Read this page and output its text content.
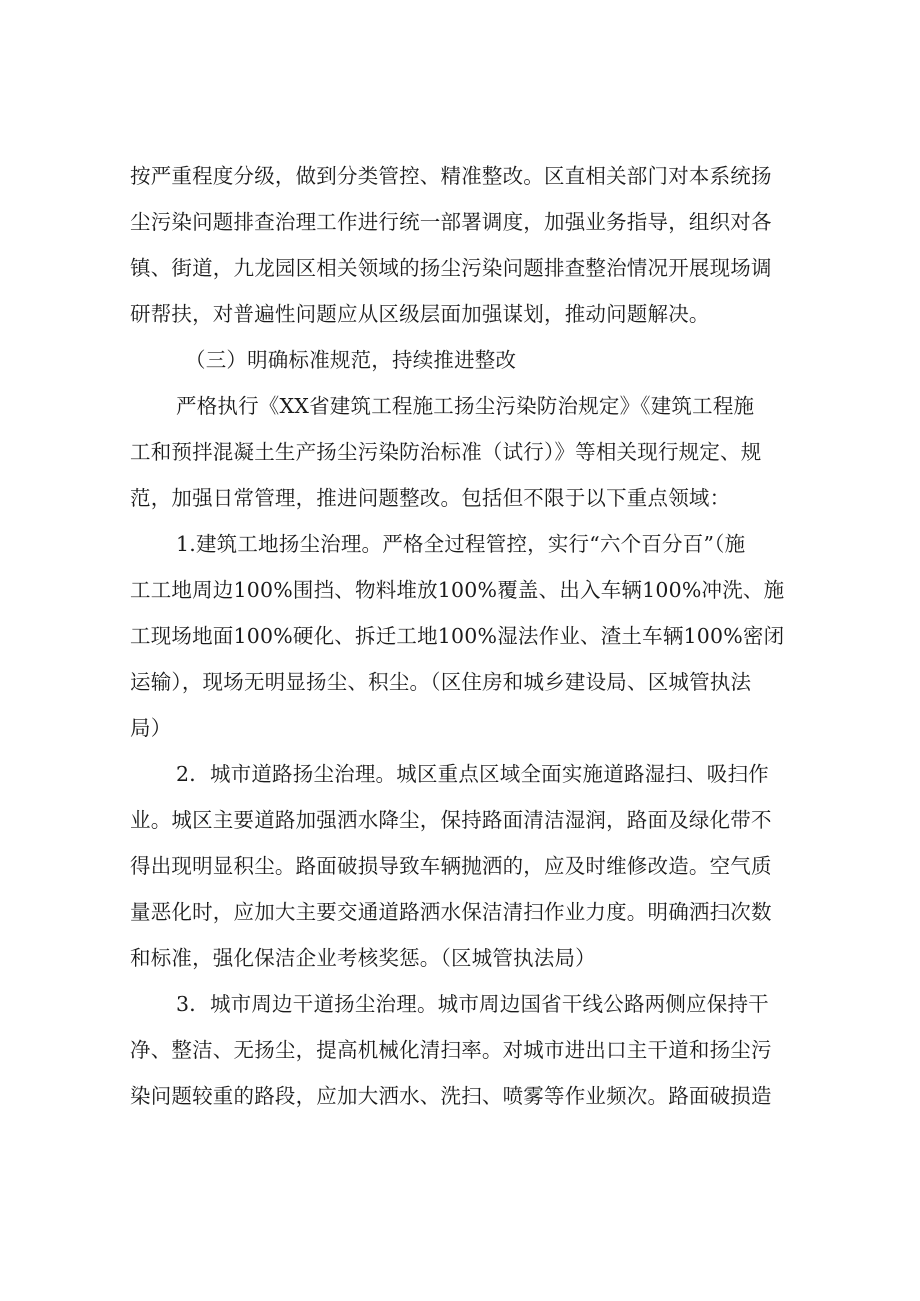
按严重程度分级，做到分类管控、精准整改。区直相关部门对本系统扬
尘污染问题排查治理工作进行统一部署调度，加强业务指导，组织对各
镇、街道，九龙园区相关领域的扬尘污染问题排查整治情况开展现场调
研帮扶，对普遍性问题应从区级层面加强谋划，推动问题解决。
（三）明确标准规范，持续推进整改
严格执行《XX省建筑工程施工扬尘污染防治规定》《建筑工程施
工和预拌混凝土生产扬尘污染防治标准（试行）》等相关现行规定、规
范，加强日常管理，推进问题整改。包括但不限于以下重点领域：
1.建筑工地扬尘治理。严格全过程管控，实行“六个百分百”（施
工工地周边100%围挡、物料堆放100%覆盖、出入车辆100%冲洗、施
工现场地面100%硬化、拆迁工地100%湿法作业、渣土车辆100%密闭
运输），现场无明显扬尘、积尘。（区住房和城乡建设局、区城管执法
局）
2．城市道路扬尘治理。城区重点区域全面实施道路湿扫、吸扫作
业。城区主要道路加强洒水降尘，保持路面清洁湿润，路面及绿化带不
得出现明显积尘。路面破损导致车辆抛洒的，应及时维修改造。空气质
量恶化时，应加大主要交通道路洒水保洁清扫作业力度。明确洒扫次数
和标准，强化保洁企业考核奖惩。（区城管执法局）
3．城市周边干道扬尘治理。城市周边国省干线公路两侧应保持干
净、整洁、无扬尘，提高机械化清扫率。对城市进出口主干道和扬尘污
染问题较重的路段，应加大洒水、洗扫、喷雾等作业频次。路面破损造
